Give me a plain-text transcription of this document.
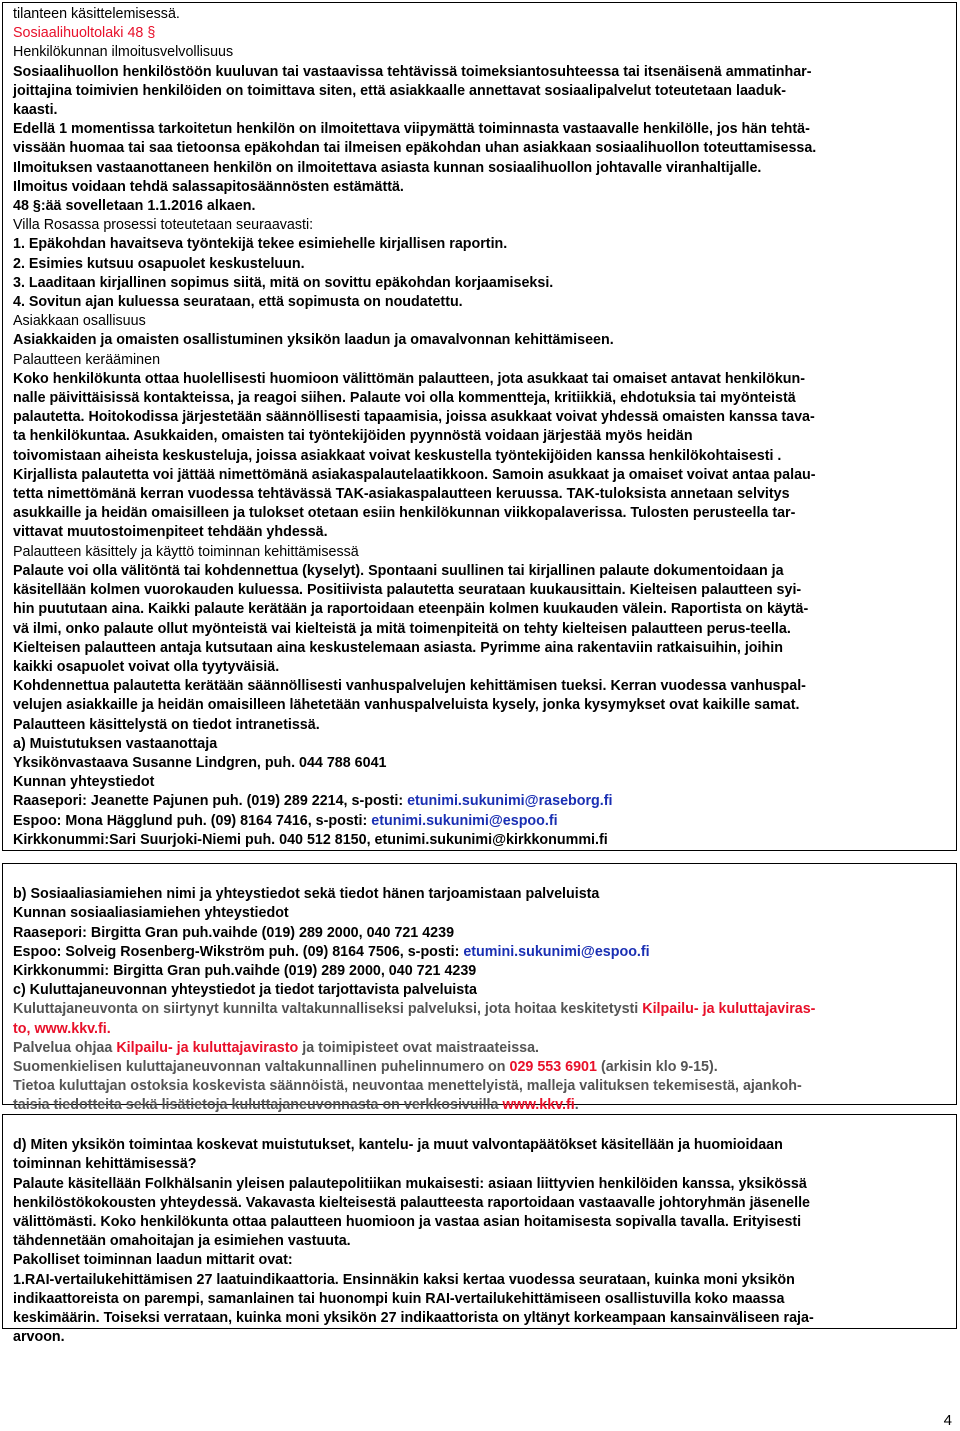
tilanteen käsittelemisessä.
Sosiaalihuoltolaki 48 §
Henkilökunnan ilmoitusvelvollisuus
Sosiaalihuollon henkilöstöön kuuluvan tai vastaavissa tehtävissä toimeksiantosuhteessa tai itsenäisenä ammatinhar-
joittajina toimivien henkilöiden on toimittava siten, että asiakkaalle annettavat sosiaalipalvelut toteutetaan laaduk-
kaasti.
Edellä 1 momentissa tarkoitetun henkilön on ilmoitettava viipymättä toiminnasta vastaavalle henkilölle, jos hän tehtä-
vissään huomaa tai saa tietoonsa epäkohdan tai ilmeisen epäkohdan uhan asiakkaan sosiaalihuollon toteuttamisessa.
Ilmoituksen vastaanottaneen henkilön on ilmoitettava asiasta kunnan sosiaalihuollon johtavalle viranhaltijalle.
Ilmoitus voidaan tehdä salassapitosäännösten estämättä.
48 §:ää sovelletaan 1.1.2016 alkaen.
Villa Rosassa prosessi toteutetaan seuraavasti:
1. Epäkohdan havaitseva työntekijä tekee esimiehelle kirjallisen raportin.
2. Esimies kutsuu osapuolet keskusteluun.
3. Laaditaan kirjallinen sopimus siitä, mitä on sovittu epäkohdan korjaamiseksi.
4. Sovitun ajan kuluessa seurataan, että sopimusta on noudatettu.
Asiakkaan osallisuus
Asiakkaiden ja omaisten osallistuminen yksikön laadun ja omavalvonnan kehittämiseen.
Palautteen kerääminen
Koko henkilökunta ottaa huolellisesti huomioon välittömän palautteen, jota asukkaat tai omaiset antavat henkilökun-
nalle päivittäisissä kontakteissa, ja reagoi siihen. Palaute voi olla kommentteja, kritiikkiä, ehdotuksia tai myönteistä
palautetta. Hoitokodissa järjestetään säännöllisesti tapaamisia, joissa asukkaat voivat yhdessä omaisten kanssa tava-
ta henkilökuntaa. Asukkaiden, omaisten tai työntekijöiden pyynnöstä voidaan järjestää myös heidän
toivomistaan aiheista keskusteluja, joissa asiakkaat voivat keskustella työntekijöiden kanssa henkilökohtaisesti .
Kirjallista palautetta voi jättää nimettömänä asiakaspalautelaatikkoon. Samoin asukkaat ja omaiset voivat antaa palau-
tetta nimettömänä kerran vuodessa tehtävässä TAK-asiakaspalautteen keruussa. TAK-tuloksista annetaan selvitys
asukkaille ja heidän omaisilleen ja tulokset otetaan esiin henkilökunnan viikkopalaverissa. Tulosten perusteella tar-
vittavat muutostoimenpiteet tehdään yhdessä.
Palautteen käsittely ja käyttö toiminnan kehittämisessä
Palaute voi olla välitöntä tai kohdennettua (kyselyt). Spontaani suullinen tai kirjallinen palaute dokumentoidaan ja
käsitellään kolmen vuorokauden kuluessa. Positiivista palautetta seurataan kuukausittain. Kielteisen palautteen syi-
hin puututaan aina. Kaikki palaute kerätään ja raportoidaan eteenpäin kolmen kuukauden välein. Raportista on käytä-
vä ilmi, onko palaute ollut myönteistä vai kielteistä ja mitä toimenpiteitä on tehty kielteisen palautteen perus-teella.
Kielteisen palautteen antaja kutsutaan aina keskustelemaan asiasta. Pyrimme aina rakentaviin ratkaisuihin, joihin
kaikki osapuolet voivat olla tyytyväisiä.
Kohdennettua palautetta kerätään säännöllisesti vanhuspalvelujen kehittämisen tueksi. Kerran vuodessa vanhuspal-
velujen asiakkaille ja heidän omaisilleen lähetetään vanhuspalveluista kysely, jonka kysymykset ovat kaikille samat.
Palautteen käsittelystä on tiedot intranetissä.
a) Muistutuksen vastaanottaja
Yksikönvastaava Susanne Lindgren, puh. 044 788 6041
Kunnan yhteystiedot
Raasepori: Jeanette Pajunen puh. (019) 289 2214, s-posti: etunimi.sukunimi@raseborg.fi
Espoo: Mona Hägglund puh. (09) 8164 7416, s-posti: etunimi.sukunimi@espoo.fi
Kirkkonummi:Sari Suurjoki-Niemi puh. 040 512 8150, etunimi.sukunimi@kirkkonummi.fi
b) Sosiaaliasiamiehen nimi ja yhteystiedot sekä tiedot hänen tarjoamistaan palveluista
Kunnan sosiaaliasiamiehen yhteystiedot
Raasepori: Birgitta Gran puh.vaihde (019) 289 2000, 040 721 4239
Espoo: Solveig Rosenberg-Wikström puh. (09) 8164 7506, s-posti: etumini.sukunimi@espoo.fi
Kirkkonummi: Birgitta Gran puh.vaihde (019) 289 2000, 040 721 4239
c) Kuluttajaneuvonnan yhteystiedot ja tiedot tarjottavista palveluista
Kuluttajaneuvonta on siirtynyt kunnilta valtakunnalliseksi palveluksi, jota hoitaa keskitetysti Kilpailu- ja kuluttajaviras-
to, www.kkv.fi.
Palvelua ohjaa Kilpailu- ja kuluttajavirasto ja toimipisteet ovat maistraateissa.
Suomenkielisen kuluttajaneuvonnan valtakunnallinen puhelinnumero on 029 553 6901 (arkisin klo 9-15).
Tietoa kuluttajan ostoksia koskevista säännöistä, neuvontaa menettelyistä, malleja valituksen tekemisestä, ajankoh-
taisia tiedotteita sekä lisätietoja kuluttajaneuvonnasta on verkkosivuilla www.kkv.fi.
d) Miten yksikön toimintaa koskevat muistutukset, kantelu- ja muut valvontapäätökset käsitellään ja huomioidaan
toiminnan kehittämisessä?
Palaute käsitellään Folkhälsanin yleisen palautepolitiikan mukaisesti: asiaan liittyvien henkilöiden kanssa, yksikössä
henkilöstökokousten yhteydessä. Vakavasta kielteisestä palautteesta raportoidaan vastaavalle johtoryhmän jäsenelle
välittömästi. Koko henkilökunta ottaa palautteen huomioon ja vastaa asian hoitamisesta sopivalla tavalla. Erityisesti
tähdennetään omahoitajan ja esimiehen vastuuta.
Pakolliset toiminnan laadun mittarit ovat:
1.RAI-vertailukehittämisen 27 laatuindikaattoria. Ensinnäkin kaksi kertaa vuodessa seurataan, kuinka moni yksikön
indikaattoreista on parempi, samanlainen tai huonompi kuin RAI-vertailukehittämiseen osallistuvilla koko maassa
keskimäärin. Toiseksi verrataan, kuinka moni yksikön 27 indikaattorista on yltänyt korkeampaan kansainväliseen raja-
arvoon.
4
